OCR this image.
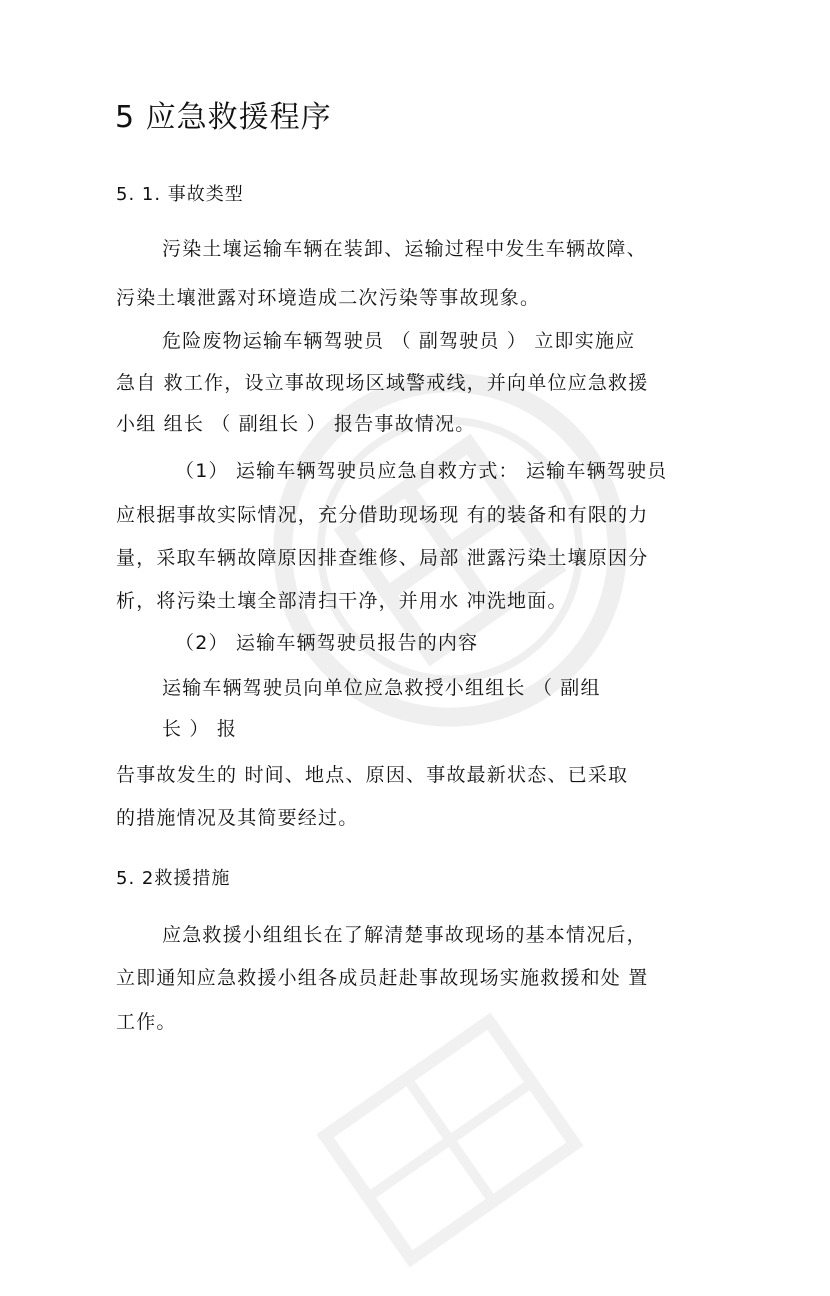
5 应急救援程序
5. 1. 事故类型
污染土壤运输车辆在装卸、运输过程中发生车辆故障、
污染土壤泄露对环境造成二次污染等事故现象。
危险废物运输车辆驾驶员 （ 副驾驶员 ） 立即实施应
急自 救工作，设立事故现场区域警戒线，并向单位应急救援
小组 组长 （ 副组长 ） 报告事故情况。
（1） 运输车辆驾驶员应急自救方式： 运输车辆驾驶员
应根据事故实际情况，充分借助现场现 有的装备和有限的力
量，采取车辆故障原因排查维修、局部 泄露污染土壤原因分
析，将污染土壤全部清扫干净，并用水 冲洗地面。
（2） 运输车辆驾驶员报告的内容
运输车辆驾驶员向单位应急救授小组组长 （ 副组
长 ） 报
告事故发生的 时间、地点、原因、事故最新状态、已采取
的措施情况及其简要经过。
5. 2救援措施
应急救援小组组长在了解清楚事故现场的基本情况后，
立即通知应急救援小组各成员赶赴事故现场实施救援和处 置
工作。
